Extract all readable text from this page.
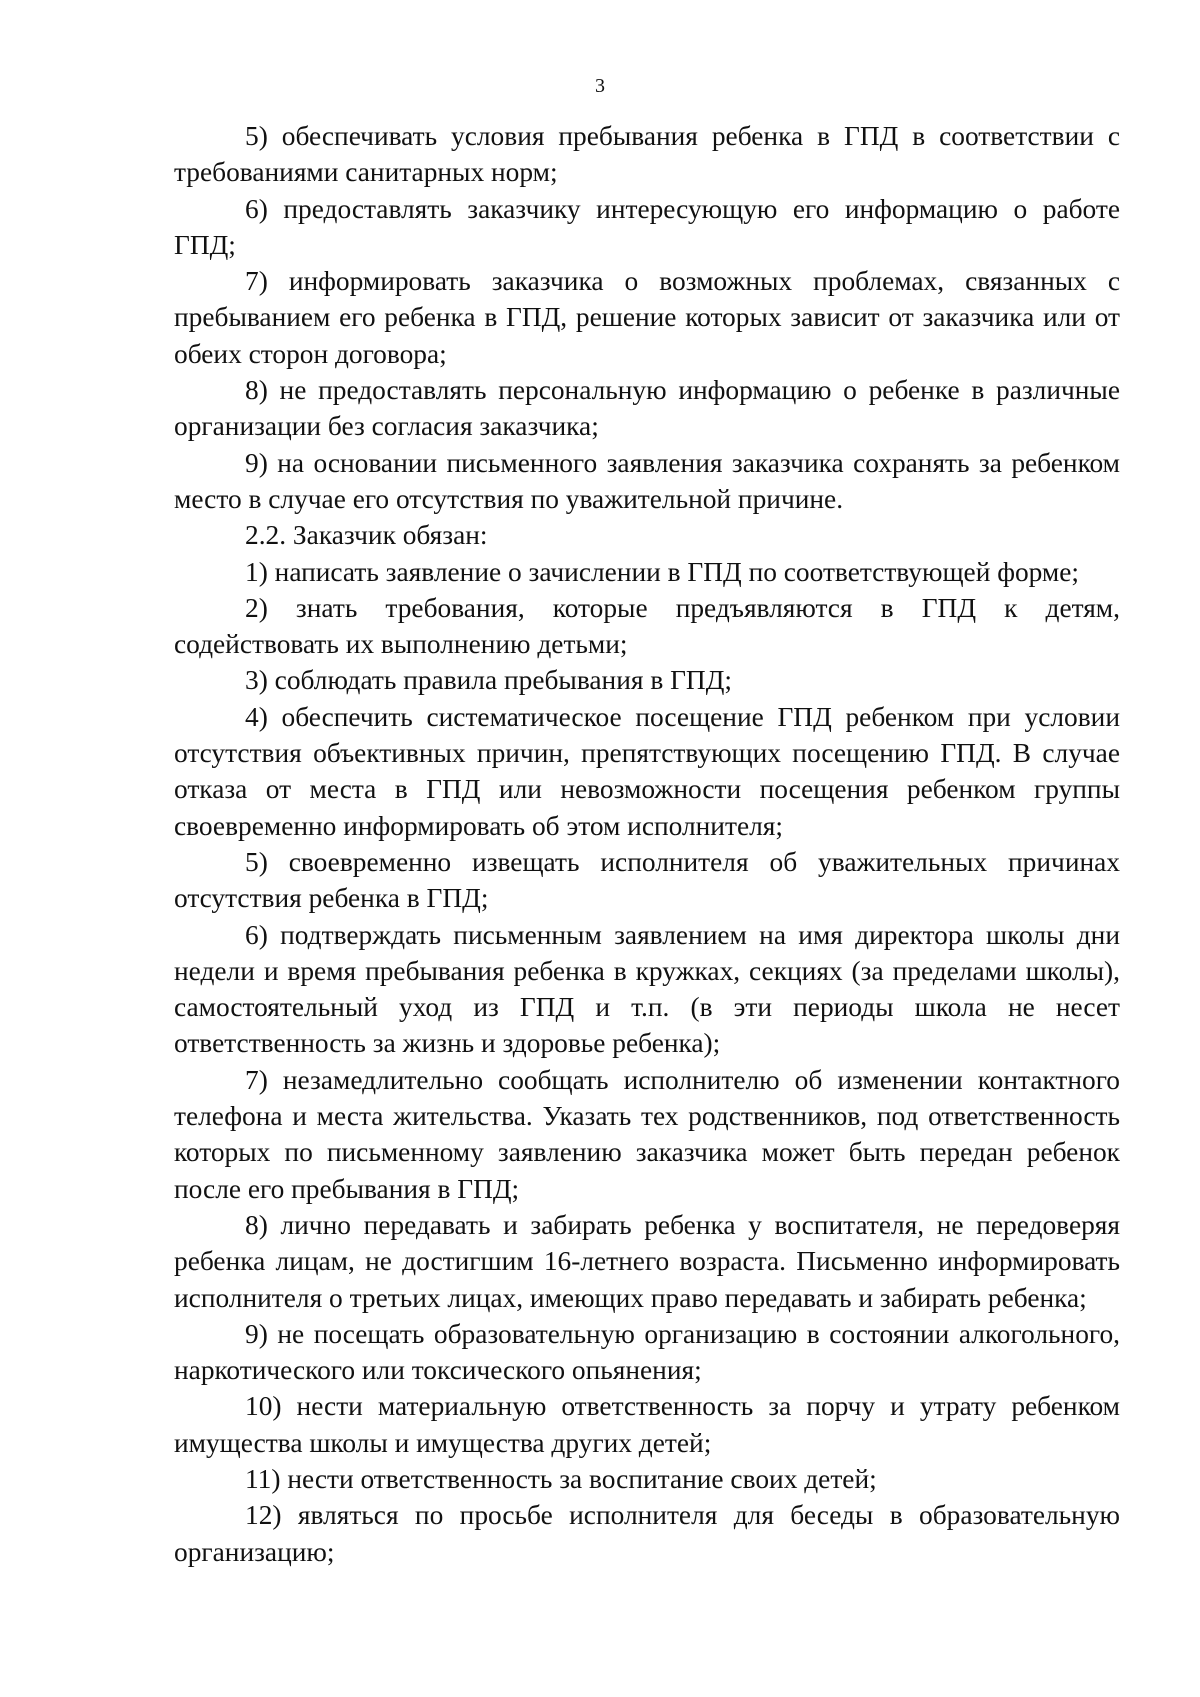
3

5) обеспечивать условия пребывания ребенка в ГПД в соответствии с требованиями санитарных норм;

6) предоставлять заказчику интересующую его информацию о работе ГПД;

7) информировать заказчика о возможных проблемах, связанных с пребыванием его ребенка в ГПД, решение которых зависит от заказчика или от обеих сторон договора;

8) не предоставлять персональную информацию о ребенке в различные организации без согласия заказчика;

9) на основании письменного заявления заказчика сохранять за ребенком место в случае его отсутствия по уважительной причине.

2.2. Заказчик обязан:

1) написать заявление о зачислении в ГПД по соответствующей форме;

2) знать требования, которые предъявляются в ГПД к детям, содействовать их выполнению детьми;

3) соблюдать правила пребывания в ГПД;

4) обеспечить систематическое посещение ГПД ребенком при условии отсутствия объективных причин, препятствующих посещению ГПД. В случае отказа от места в ГПД или невозможности посещения ребенком группы своевременно информировать об этом исполнителя;

5) своевременно извещать исполнителя об уважительных причинах отсутствия ребенка в ГПД;

6) подтверждать письменным заявлением на имя директора школы дни недели и время пребывания ребенка в кружках, секциях (за пределами школы), самостоятельный уход из ГПД и т.п. (в эти периоды школа не несет ответственность за жизнь и здоровье ребенка);

7) незамедлительно сообщать исполнителю об изменении контактного телефона и места жительства. Указать тех родственников, под ответственность которых по письменному заявлению заказчика может быть передан ребенок после его пребывания в ГПД;

8) лично передавать и забирать ребенка у воспитателя, не передоверяя ребенка лицам, не достигшим 16-летнего возраста. Письменно информировать исполнителя о третьих лицах, имеющих право передавать и забирать ребенка;

9) не посещать образовательную организацию в состоянии алкогольного, наркотического или токсического опьянения;

10) нести материальную ответственность за порчу и утрату ребенком имущества школы и имущества других детей;

11) нести ответственность за воспитание своих детей;

12) являться по просьбе исполнителя для беседы в образовательную организацию;
